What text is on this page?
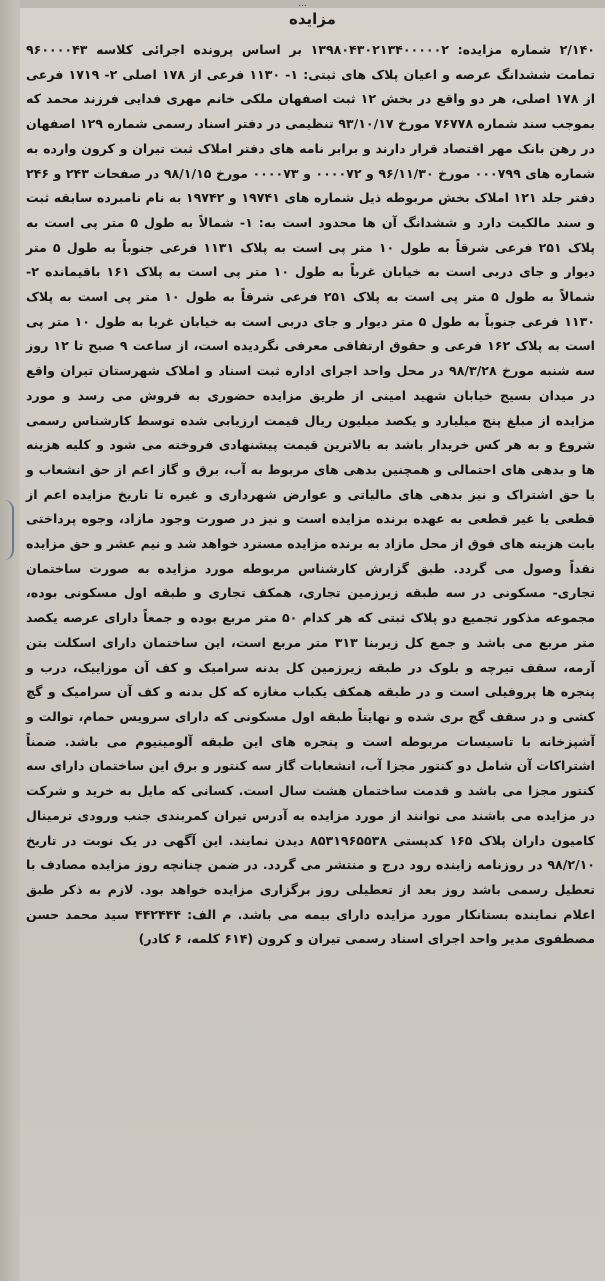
...
مزایده
۲/۱۴۰ شماره مزایده: ۱۳۹۸۰۴۳۰۲۱۳۴۰۰۰۰۰۲ بر اساس پرونده اجرائی کلاسه ۹۶۰۰۰۰۴۳ تمامت ششدانگ عرصه و اعیان پلاک های ثبتی: ۱- ۱۱۳۰ فرعی از ۱۷۸ اصلی ۲- ۱۷۱۹ فرعی از ۱۷۸ اصلی، هر دو واقع در بخش ۱۲ ثبت اصفهان ملکی خانم مهری فدایی فرزند محمد که بموجب سند شماره ۷۶۷۷۸ مورخ ۹۳/۱۰/۱۷ تنظیمی در دفتر اسناد رسمی شماره ۱۲۹ اصفهان در رهن بانک مهر اقتصاد قرار دارند و برابر نامه های دفتر املاک ثبت تیران و کرون وارده به شماره های ۰۰۰۷۹۹ مورخ ۹۶/۱۱/۳۰ و ۰۰۰۰۷۲ و ۰۰۰۰۷۳ مورخ ۹۸/۱/۱۵ در صفحات ۲۴۳ و ۲۴۶ دفتر جلد ۱۲۱ املاک بخش مربوطه ذیل شماره های ۱۹۷۴۱ و ۱۹۷۴۲ به نام نامبرده سابقه ثبت و سند مالکیت دارد و ششدانگ آن ها محدود است به: ۱- شمالاً به طول ۵ متر پی است به پلاک ۲۵۱ فرعی شرقاً به طول ۱۰ متر پی است به پلاک ۱۱۳۱ فرعی جنوباً به طول ۵ متر دیوار و جای دربی است به خیابان غرباً به طول ۱۰ متر پی است به پلاک ۱۶۱ باقیمانده ۲- شمالاً به طول ۵ متر پی است به پلاک ۲۵۱ فرعی شرقاً به طول ۱۰ متر پی است به پلاک ۱۱۳۰ فرعی جنوباً به طول ۵ متر دیوار و جای دربی است به خیابان غربا به طول ۱۰ متر پی است به پلاک ۱۶۲ فرعی و حقوق ارتفاقی معرفی نگردیده است، از ساعت ۹ صبح تا ۱۲ روز سه شنبه مورخ ۹۸/۳/۲۸ در محل واحد اجرای اداره ثبت اسناد و املاک شهرستان تیران واقع در میدان بسیج خیابان شهید امینی از طریق مزایده حضوری به فروش می رسد و مورد مزایده از مبلغ پنج میلیارد و یکصد میلیون ریال قیمت ارزیابی شده توسط کارشناس رسمی شروع و به هر کس خریدار باشد به بالاترین قیمت پیشنهادی فروخته می شود و کلیه هزینه ها و بدهی های احتمالی و همچنین بدهی های مربوط به آب، برق و گاز اعم از حق انشعاب و یا حق اشتراک و نیز بدهی های مالیاتی و عوارض شهرداری و غیره تا تاریخ مزایده اعم از قطعی یا غیر قطعی به عهده برنده مزایده است و نیز در صورت وجود مازاد، وجوه پرداختی بابت هزینه های فوق از محل مازاد به برنده مزایده مسترد خواهد شد و نیم عشر و حق مزایده نقداً وصول می گردد. طبق گزارش کارشناس مربوطه مورد مزایده به صورت ساختمان تجاری- مسکونی در سه طبقه زیرزمین تجاری، همکف تجاری و طبقه اول مسکونی بوده، مجموعه مذکور تجمیع دو پلاک ثبتی که هر کدام ۵۰ متر مربع بوده و جمعاً دارای عرصه یکصد متر مربع می باشد و جمع کل زیربنا ۳۱۳ متر مربع است، این ساختمان دارای اسکلت بتن آرمه، سقف تیرچه و بلوک در طبقه زیرزمین کل بدنه سرامیک و کف آن موزاییک، درب و پنجره ها پروفیلی است و در طبقه همکف یکباب مغازه که کل بدنه و کف آن سرامیک و گچ کشی و در سقف گچ بری شده و نهایتاً طبقه اول مسکونی که دارای سرویس حمام، توالت و آشپزخانه با تاسیسات مربوطه است و پنجره های این طبقه آلومینیوم می باشد. ضمناً اشتراکات آن شامل دو کنتور مجزا آب، انشعابات گاز سه کنتور و برق این ساختمان دارای سه کنتور مجزا می باشد و قدمت ساختمان هشت سال است. کسانی که مایل به خرید و شرکت در مزایده می باشند می توانند از مورد مزایده به آدرس تیران کمربندی جنب ورودی ترمینال کامیون داران پلاک ۱۶۵ کدپستی ۸۵۳۱۹۶۵۵۳۸ دیدن نمایند. این آگهی در یک نوبت در تاریخ ۹۸/۲/۱۰ در روزنامه زاینده رود درج و منتشر می گردد. در ضمن چنانچه روز مزایده مصادف با تعطیل رسمی باشد روز بعد از تعطیلی روز برگزاری مزایده خواهد بود. لازم به ذکر طبق اعلام نماینده بستانکار مورد مزایده دارای بیمه می باشد. م الف: ۴۴۲۴۴۴ سید محمد حسن مصطفوی مدیر واحد اجرای اسناد رسمی تیران و کرون (۶۱۴ کلمه، ۶ کادر)
